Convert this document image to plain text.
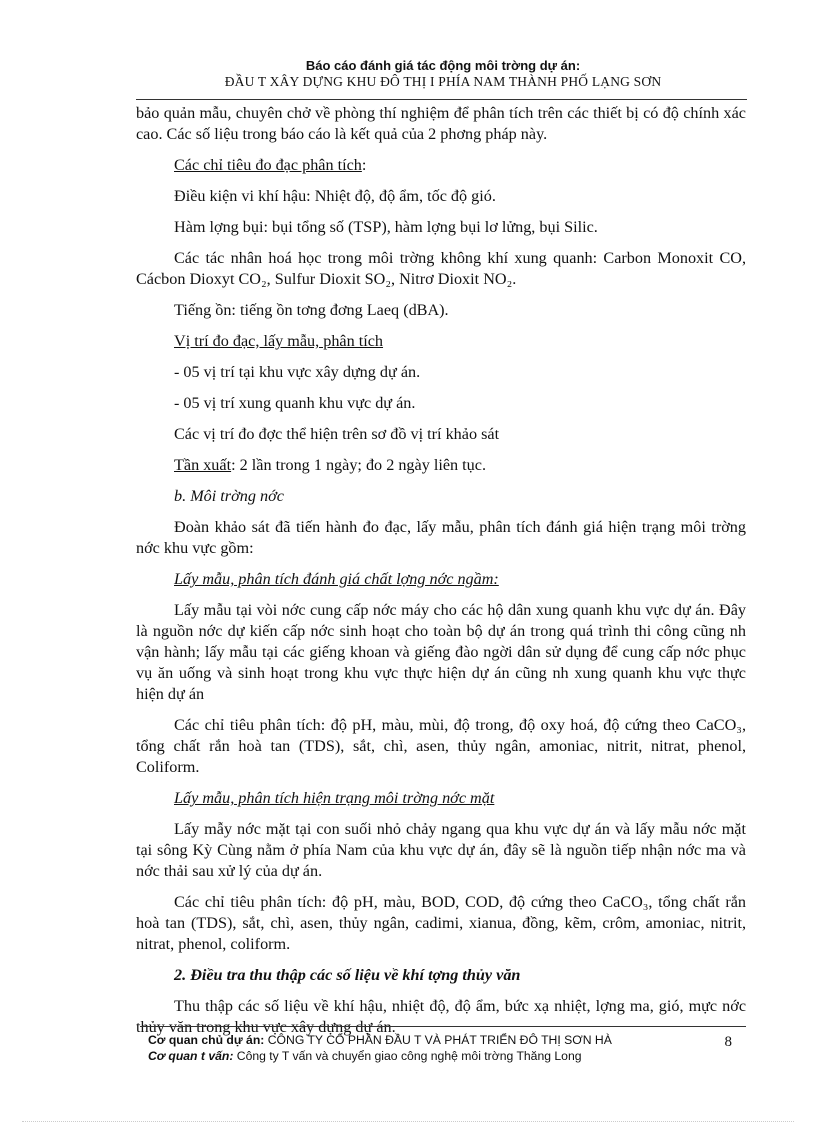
Báo cáo đánh giá tác động môi trờng dự án:
ĐẦU T XÂY DỰNG KHU ĐÔ THỊ I PHÍA NAM THÀNH PHỐ LẠNG SƠN

bảo quản mẫu, chuyên chở về phòng thí nghiệm để phân tích trên các thiết bị có độ chính xác cao. Các số liệu trong báo cáo là kết quả của 2 phơng pháp này.

Các chỉ tiêu đo đạc phân tích:

Điều kiện vi khí hậu: Nhiệt độ, độ ẩm, tốc độ gió.

Hàm lợng bụi: bụi tổng số (TSP), hàm lợng bụi lơ lửng, bụi Silic.

Các tác nhân hoá học trong môi trờng không khí xung quanh: Carbon Monoxit CO, Cácbon Dioxyt CO₂, Sulfur Dioxit SO₂, Nitrơ Dioxit NO₂.

Tiếng ồn: tiếng ồn tơng đơng Laeq (dBA).

Vị trí đo đạc, lấy mẫu, phân tích

- 05 vị trí tại khu vực xây dựng dự án.

- 05 vị trí xung quanh khu vực dự án.

Các vị trí đo đợc thể hiện trên sơ đồ vị trí khảo sát

Tần xuất: 2 lần trong 1 ngày; đo 2 ngày liên tục.

b. Môi trờng nớc

Đoàn khảo sát đã tiến hành đo đạc, lấy mẫu, phân tích đánh giá hiện trạng môi trờng nớc khu vực gồm:

Lấy mẫu, phân tích đánh giá chất lợng nớc ngầm:

Lấy mẫu tại vòi nớc cung cấp nớc máy cho các hộ dân xung quanh khu vực dự án. Đây là nguồn nớc dự kiến cấp nớc sinh hoạt cho toàn bộ dự án trong quá trình thi công cũng nh vận hành; lấy mẫu tại các giếng khoan và giếng đào ngời dân sử dụng để cung cấp nớc phục vụ ăn uống và sinh hoạt trong khu vực thực hiện dự án cũng nh xung quanh khu vực thực hiện dự án

Các chỉ tiêu phân tích: độ pH, màu, mùi, độ trong, độ oxy hoá, độ cứng theo CaCO₃, tổng chất rắn hoà tan (TDS), sắt, chì, asen, thủy ngân, amoniac, nitrit, nitrat, phenol, Coliform.

Lấy mẫu, phân tích hiện trạng môi trờng nớc mặt

Lấy mẫy nớc mặt tại con suối nhỏ chảy ngang qua khu vực dự án và lấy mẫu nớc mặt tại sông Kỳ Cùng nằm ở phía Nam của khu vực dự án, đây sẽ là nguồn tiếp nhận nớc ma và nớc thải sau xử lý của dự án.

Các chỉ tiêu phân tích: độ pH, màu, BOD, COD, độ cứng theo CaCO₃, tổng chất rắn hoà tan (TDS), sắt, chì, asen, thủy ngân, cadimi, xianua, đồng, kẽm, crôm, amoniac, nitrit, nitrat, phenol, coliform.

2. Điều tra thu thập các số liệu về khí tợng thủy văn

Thu thập các số liệu về khí hậu, nhiệt độ, độ ẩm, bức xạ nhiệt, lợng ma, gió, mực nớc thủy văn trong khu vực xây dựng dự án.

Cơ quan chủ dự án: CÔNG TY CỔ PHẦN ĐẦU T VÀ PHÁT TRIỂN ĐÔ THỊ SƠN HÀ
Cơ quan t vấn: Công ty T vấn và chuyển giao công nghệ môi trờng Thăng Long
8
